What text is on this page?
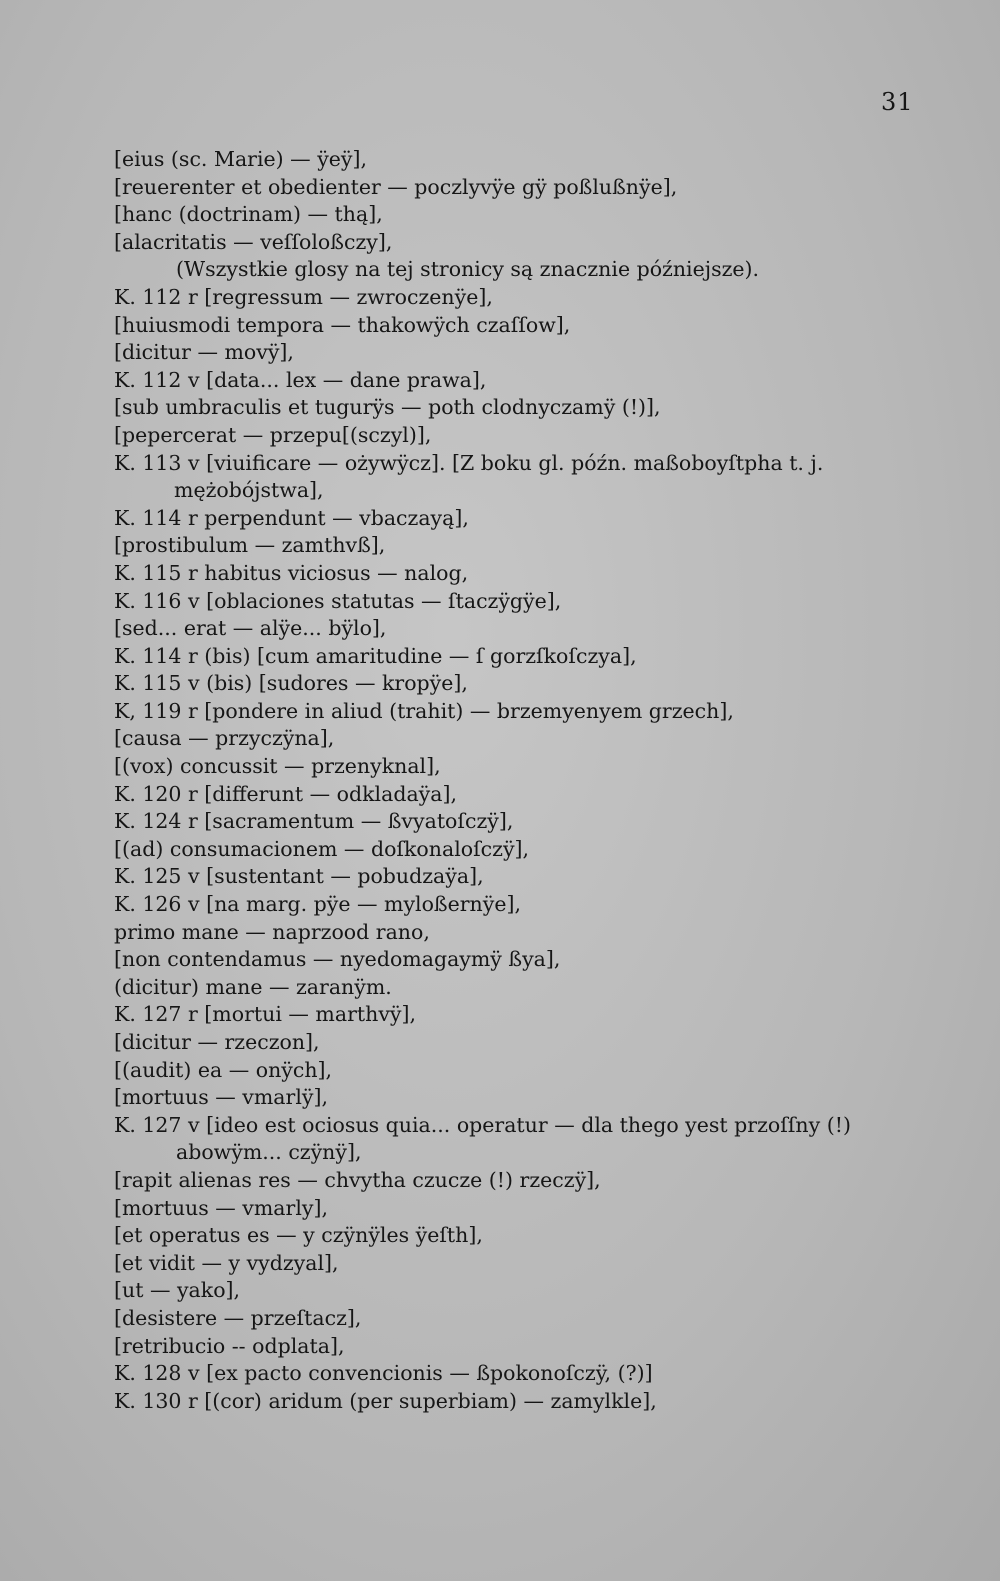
31
[eius (sc. Marie) — ÿeÿ],
[reuerenter et obedienter — poczlyvÿe gÿ poßlußnÿe],
[hanc (doctrinam) — thą],
[alacritatis — veſſoloßczy],
(Wszystkie glosy na tej stronicy są znacznie późniejsze).
K. 112 r [regressum — zwroczenÿe],
[huiusmodi tempora — thakowÿch czaſſow],
[dicitur — movÿ],
K. 112 v [data... lex — dane prawa],
[sub umbraculis et tugurÿs — poth clodnyczamÿ (!)],
[pepercerat — przepu[(sczyl)],
K. 113 v [viuificare — ożywÿcz]. [Z boku gl. późn. maßoboyſtpha t. j.
mężobójstwa],
K. 114 r perpendunt — vbaczayą],
[prostibulum — zamthvß],
K. 115 r habitus viciosus — nalog,
K. 116 v [oblaciones statutas — ſtaczÿgÿe],
[sed... erat — alÿe... bÿlo],
K. 114 r (bis) [cum amaritudine — ſ gorzſkoſczya],
K. 115 v (bis) [sudores — kropÿe],
K, 119 r [pondere in aliud (trahit) — brzemyenyem grzech],
[causa — przyczÿna],
[(vox) concussit — przenyknal],
K. 120 r [differunt — odkladaÿa],
K. 124 r [sacramentum — ßvyatoſczÿ],
[(ad) consumacionem — doſkonaloſczÿ],
K. 125 v [sustentant — pobudzaÿa],
K. 126 v [na marg. pÿe — myloßernÿe],
primo mane — naprzood rano,
[non contendamus — nyedomagaymÿ ßya],
(dicitur) mane — zaranÿm.
K. 127 r [mortui — marthvÿ],
[dicitur — rzeczon],
[(audit) ea — onÿch],
[mortuus — vmarlÿ],
K. 127 v [ideo est ociosus quia... operatur — dla thego yest przoſſny (!)
abowÿm... czÿnÿ],
[rapit alienas res — chvytha czucze (!) rzeczÿ],
[mortuus — vmarly],
[et operatus es — y czÿnÿles ÿeſth],
[et vidit — y vydzyal],
[ut — yako],
[desistere — przeſtacz],
[retribucio -- odplata],
K. 128 v [ex pacto convencionis — ßpokonoſczÿ, (?)]
K. 130 r [(cor) aridum (per superbiam) — zamylkle],
